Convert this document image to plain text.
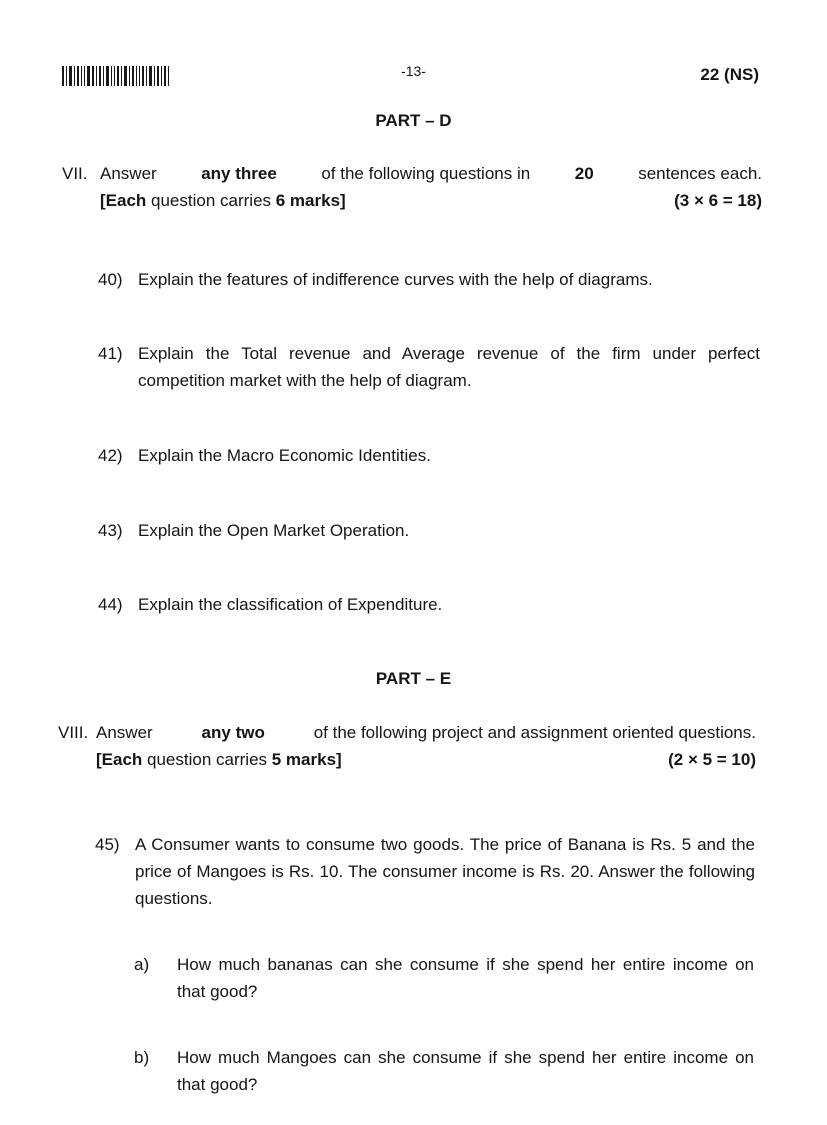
-13-	22 (NS)
PART – D
VII. Answer	any three	of the following questions in	20	sentences each.
[Each question carries 6 marks]	(3 × 6 = 18)
40) Explain the features of indifference curves with the help of diagrams.
41) Explain the Total revenue and Average revenue of the firm under perfect competition market with the help of diagram.
42) Explain the Macro Economic Identities.
43) Explain the Open Market Operation.
44) Explain the classification of Expenditure.
PART – E
VIII. Answer	any two	of the following project and assignment oriented questions.
[Each question carries 5 marks]	(2 × 5 = 10)
45) A Consumer wants to consume two goods. The price of Banana is Rs. 5 and the price of Mangoes is Rs. 10. The consumer income is Rs. 20. Answer the following questions.
a)	How much bananas can she consume if she spend her entire income on that good?
b)	How much Mangoes can she consume if she spend her entire income on that good?
